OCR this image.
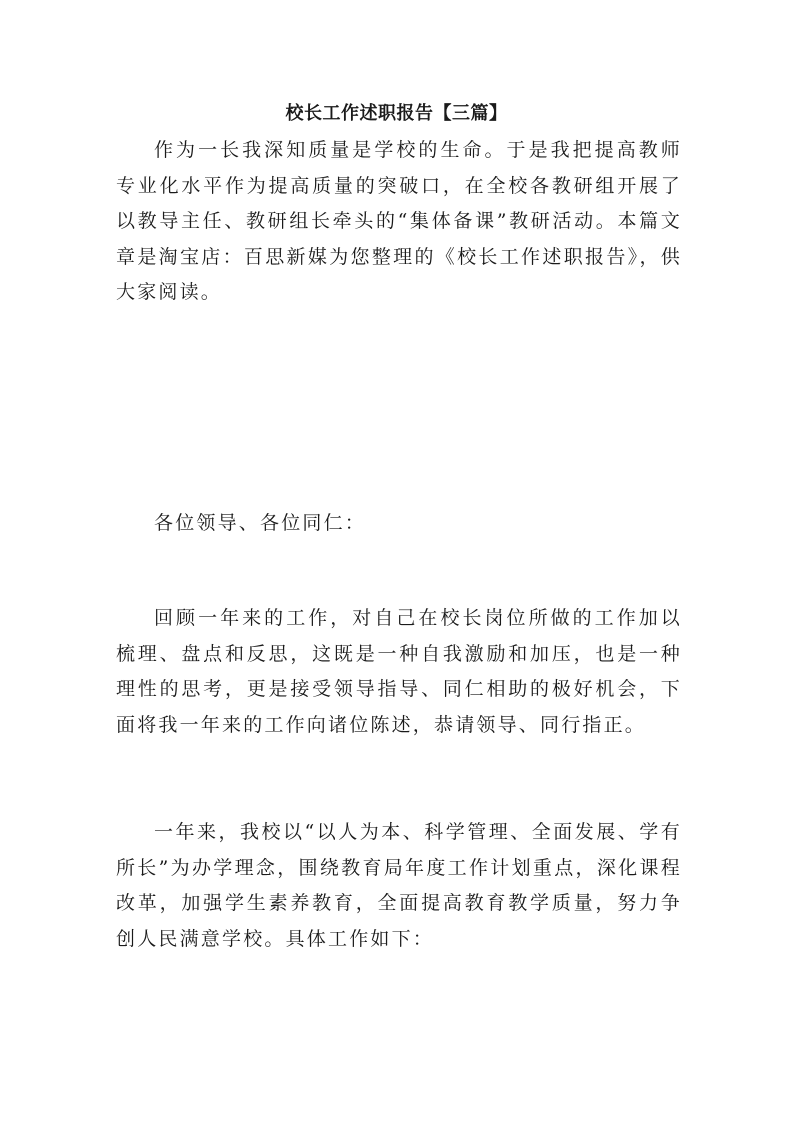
校长工作述职报告【三篇】

作为一长我深知质量是学校的生命。于是我把提高教师专业化水平作为提高质量的突破口，在全校各教研组开展了以教导主任、教研组长牵头的“集体备课”教研活动。本篇文章是淘宝店：百思新媒为您整理的《校长工作述职报告》，供大家阅读。

各位领导、各位同仁：

回顾一年来的工作，对自己在校长岗位所做的工作加以梳理、盘点和反思，这既是一种自我激励和加压，也是一种理性的思考，更是接受领导指导、同仁相助的极好机会，下面将我一年来的工作向诸位陈述，恭请领导、同行指正。

一年来，我校以“以人为本、科学管理、全面发展、学有所长”为办学理念，围绕教育局年度工作计划重点，深化课程改革，加强学生素养教育，全面提高教育教学质量，努力争创人民满意学校。具体工作如下：
